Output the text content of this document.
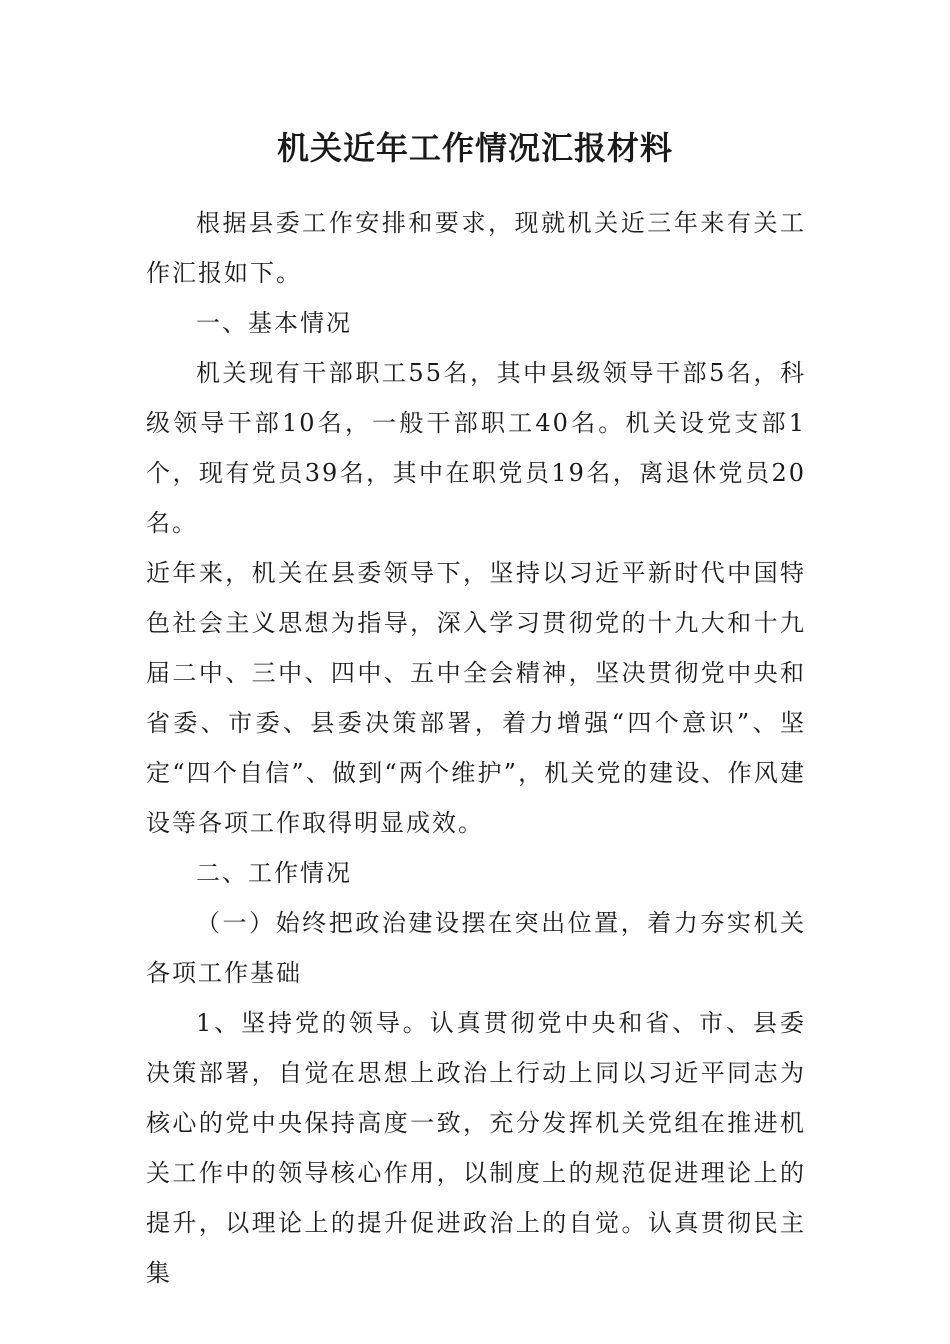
机关近年工作情况汇报材料

根据县委工作安排和要求，现就机关近三年来有关工作汇报如下。

一、基本情况

机关现有干部职工55名，其中县级领导干部5名，科级领导干部10名，一般干部职工40名。机关设党支部1个，现有党员39名，其中在职党员19名，离退休党员20名。

近年来，机关在县委领导下，坚持以习近平新时代中国特色社会主义思想为指导，深入学习贯彻党的十九大和十九届二中、三中、四中、五中全会精神，坚决贯彻党中央和省委、市委、县委决策部署，着力增强“四个意识”、坚定“四个自信”、做到“两个维护”，机关党的建设、作风建设等各项工作取得明显成效。

二、工作情况

（一）始终把政治建设摆在突出位置，着力夯实机关各项工作基础

1、坚持党的领导。认真贯彻党中央和省、市、县委决策部署，自觉在思想上政治上行动上同以习近平同志为核心的党中央保持高度一致，充分发挥机关党组在推进机关工作中的领导核心作用，以制度上的规范促进理论上的提升，以理论上的提升促进政治上的自觉。认真贯彻民主集
